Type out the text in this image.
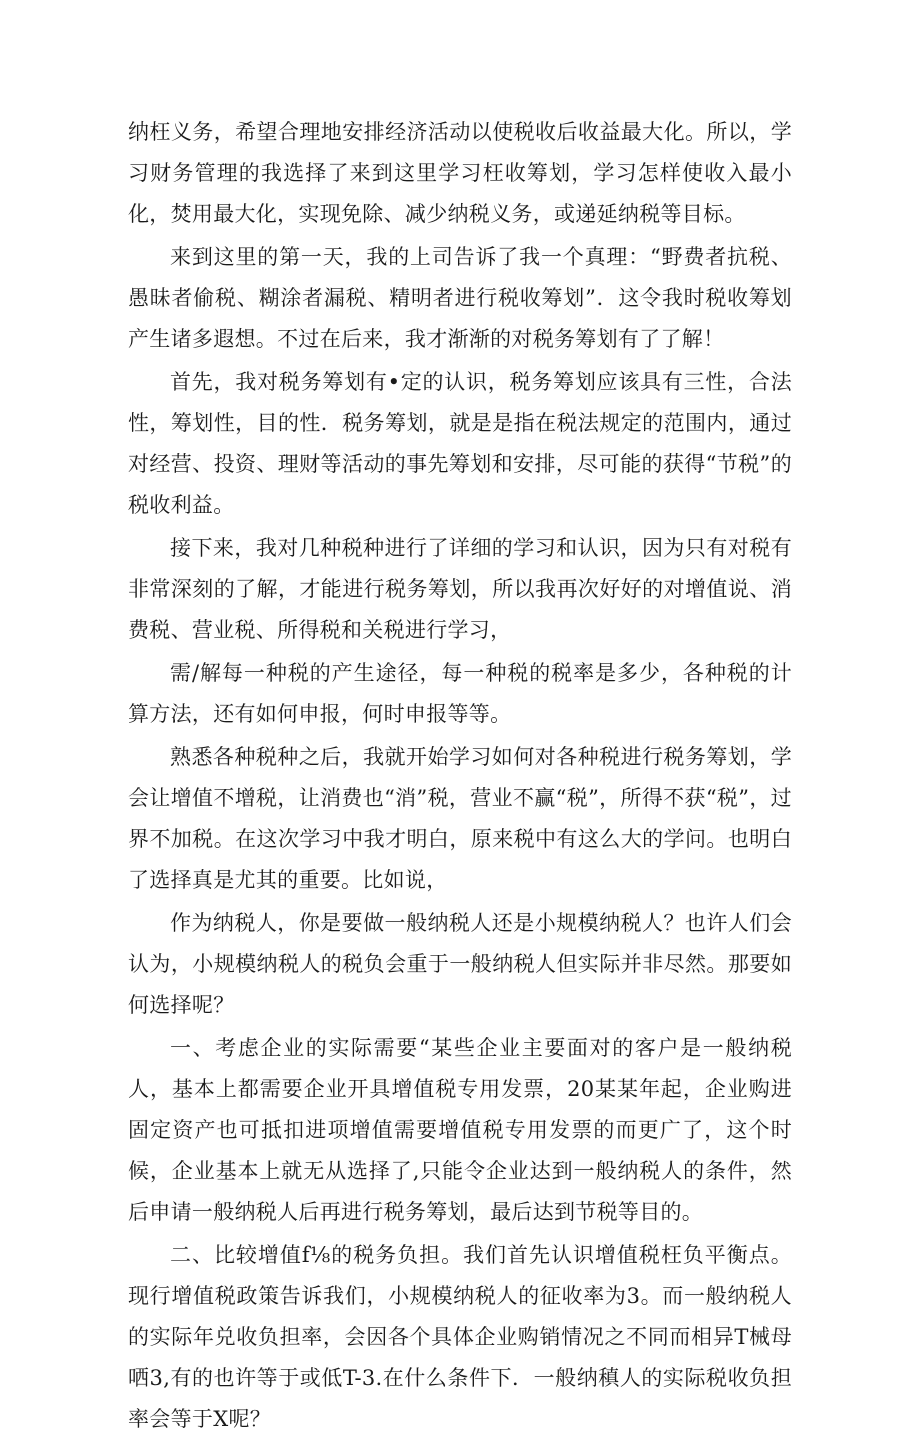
纳枉义务，希望合理地安排经济活动以使税收后收益最大化。所以，学习财务管理的我选择了来到这里学习枉收筹划，学习怎样使收入最小化，焚用最大化，实现免除、减少纳税义务，或递延纳税等目标。

来到这里的第一天，我的上司告诉了我一个真理：“野费者抗税、愚昧者偷税、糊涂者漏税、精明者进行税收筹划”．这令我时税收筹划产生诸多遐想。不过在后来，我才渐渐的对税务筹划有了了解！

首先，我对税务筹划有•定的认识，税务筹划应该具有三性，合法性，筹划性，目的性．税务筹划，就是是指在税法规定的范围内，通过对经营、投资、理财等活动的事先筹划和安排，尽可能的获得“节税”的税收利益。

接下来，我对几种税种进行了详细的学习和认识，因为只有对税有非常深刻的了解，才能进行税务筹划，所以我再次好好的对增值说、消费税、营业税、所得税和关税进行学习，

需/解每一种税的产生途径，每一种税的税率是多少，各种税的计算方法，还有如何申报，何时申报等等。

熟悉各种税种之后，我就开始学习如何对各种税进行税务筹划，学会让增值不增税，让消费也“消”税，营业不赢“税”，所得不获“税”，过界不加税。在这次学习中我才明白，原来税中有这么大的学问。也明白了选择真是尤其的重要。比如说，

作为纳税人，你是要做一般纳税人还是小规模纳税人？也许人们会认为，小规模纳税人的税负会重于一般纳税人但实际并非尽然。那要如何选择呢？

一、考虑企业的实际需要“某些企业主要面对的客户是一般纳税人，基本上都需要企业开具增值税专用发票，20某某年起，企业购进固定资产也可抵扣进项增值需要增值税专用发票的而更广了，这个时候，企业基本上就无从选择了,只能令企业达到一般纳税人的条件，然后申请一般纳税人后再进行税务筹划，最后达到节税等目的。

二、比较增值f⅛的税务负担。我们首先认识增值税枉负平衡点。现行增值税政策告诉我们，小规模纳税人的征收率为3。而一般纳税人的实际年兑收负担率，会因各个具体企业购销情况之不同而相异T械母哂3,有的也许等于或低T-3.在什么条件下．一般纳稹人的实际税收负担率会等于X呢？
